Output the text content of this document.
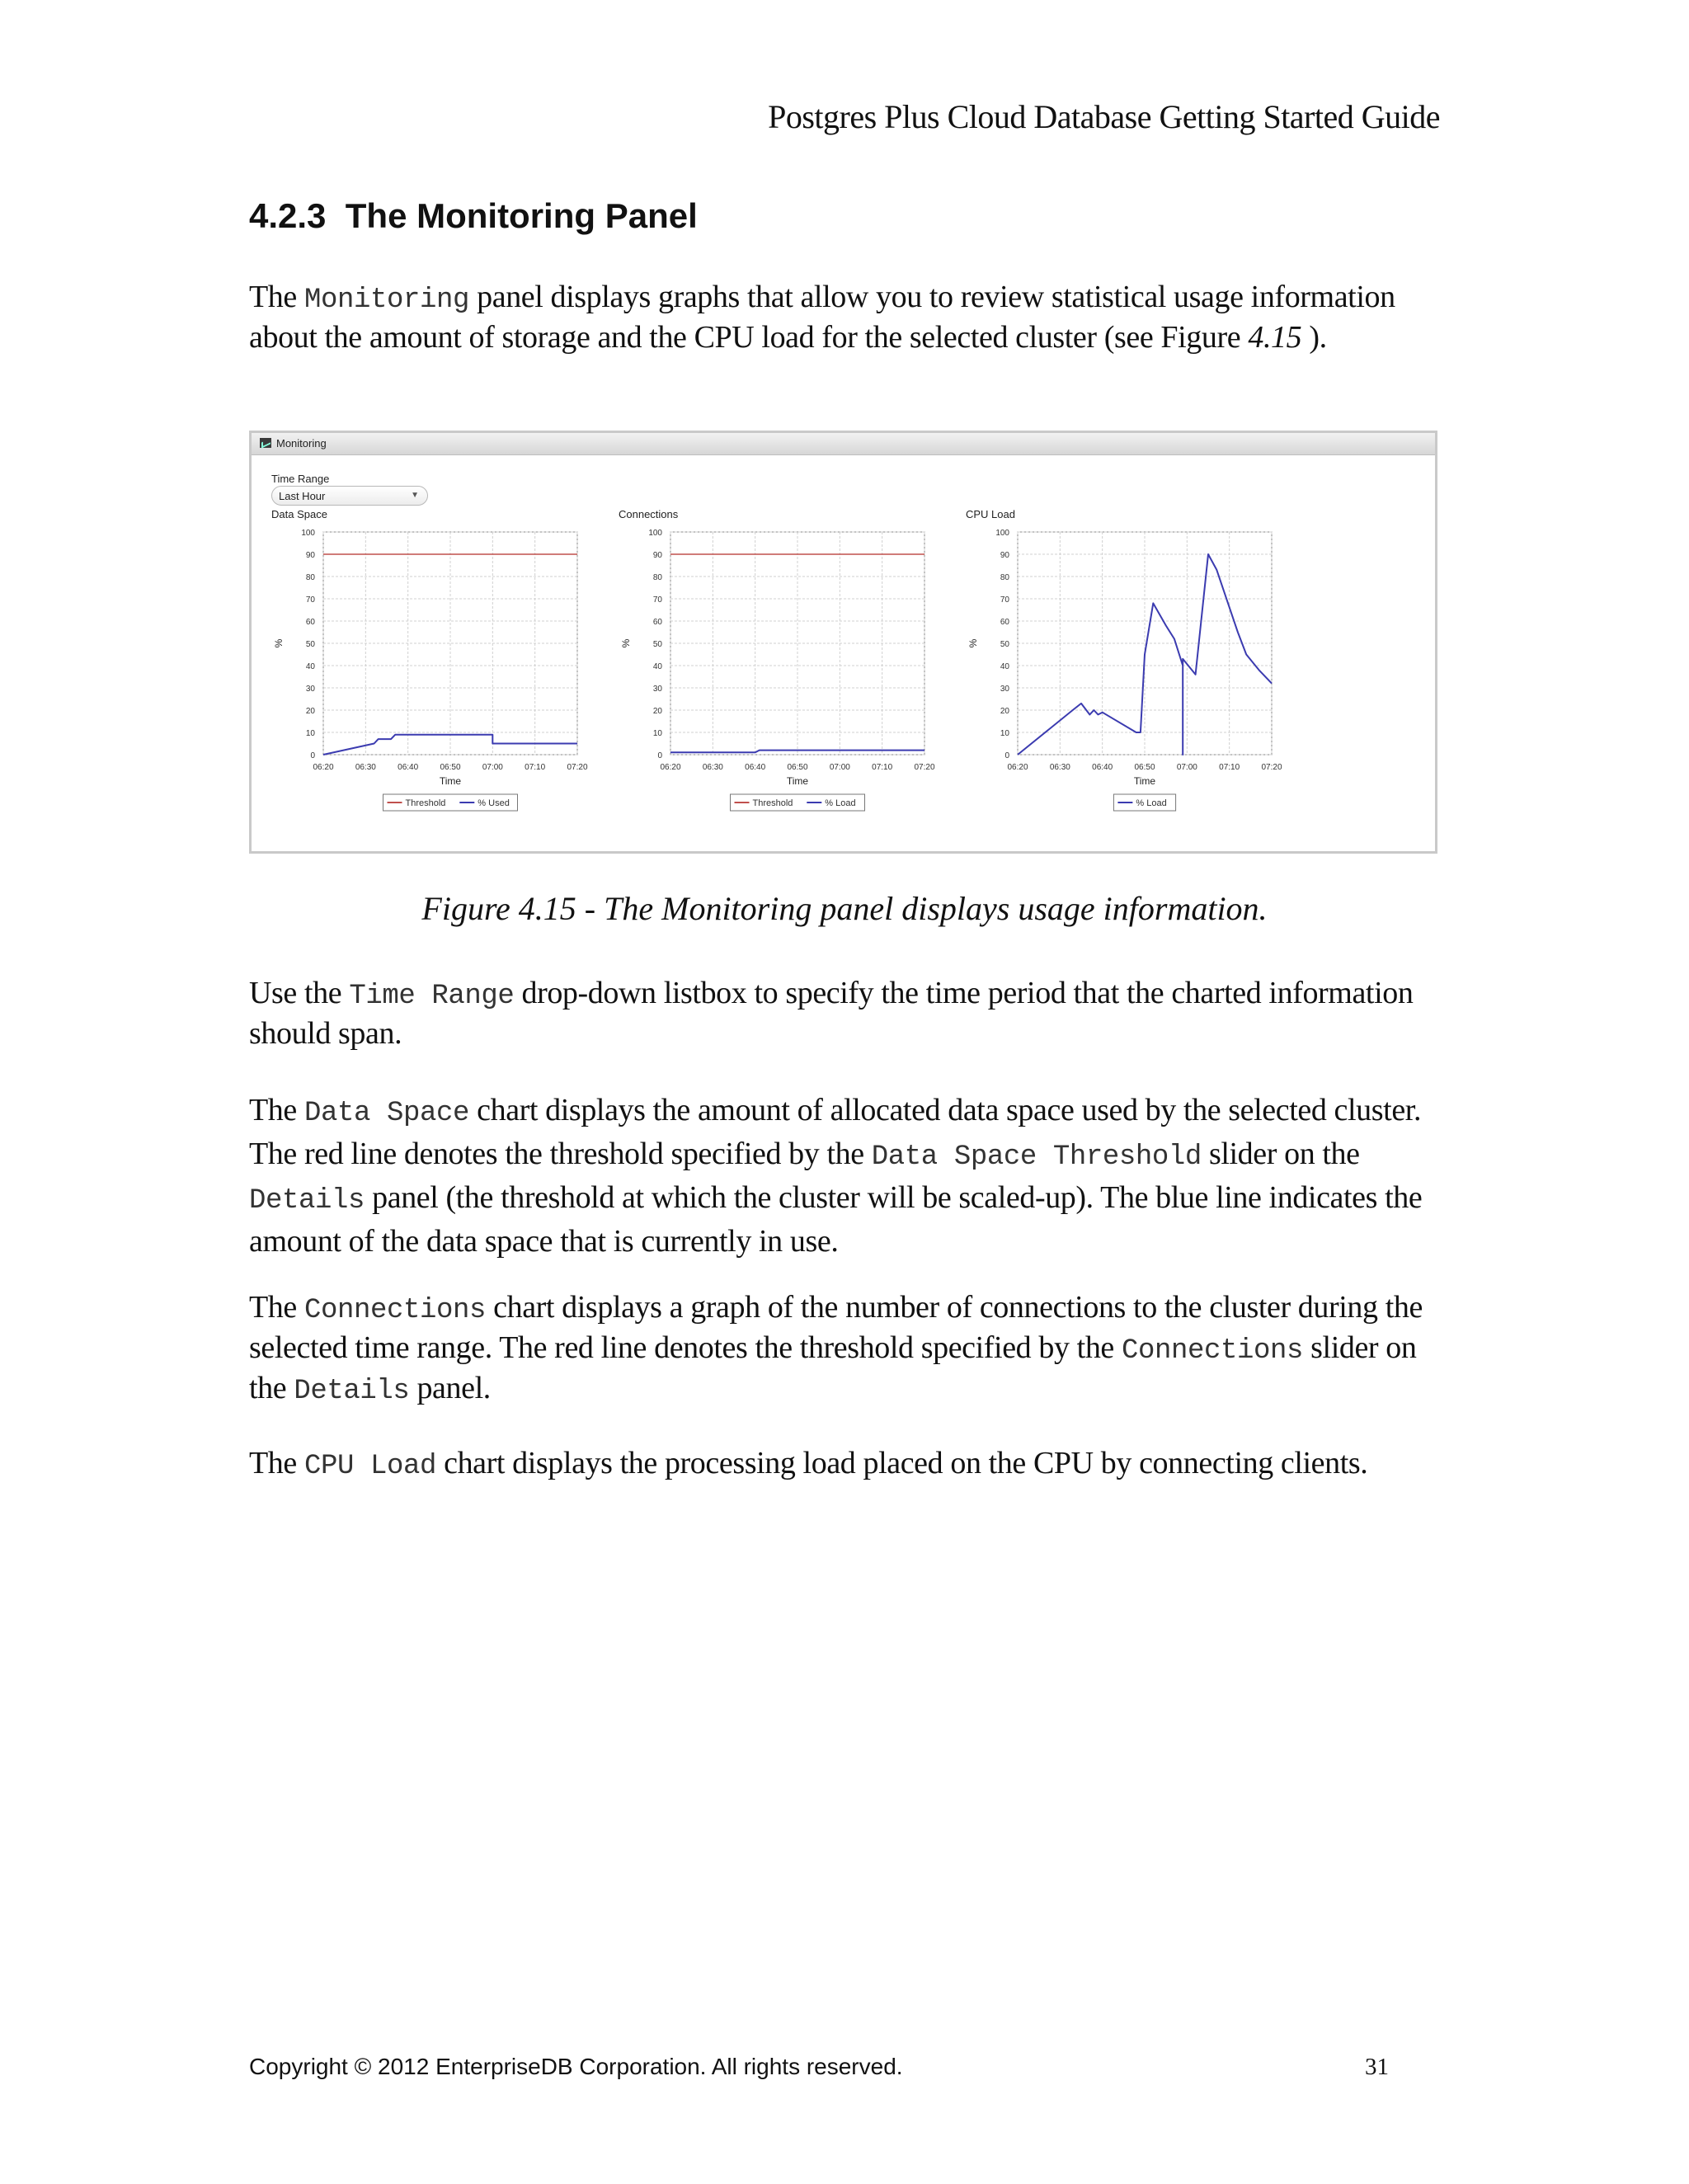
Postgres Plus Cloud Database Getting Started Guide
4.2.3 The Monitoring Panel
The Monitoring panel displays graphs that allow you to review statistical usage information about the amount of storage and the CPU load for the selected cluster (see Figure 4.15 ).
Monitoring
Time Range
Last Hour	▼
Data Space
0
10
20
30
40
50
60
70
80
90
100
06:20	06:30	06:40	06:50	07:00	07:10	07:20
Time
%
Threshold	% Used
Connections
0
10
20
30
40
50
60
70
80
90
100
06:20	06:30	06:40	06:50	07:00	07:10	07:20
Time
%
Threshold	% Load
CPU Load
0
10
20
30
40
50
60
70
80
90
100
06:20	06:30	06:40	06:50	07:00	07:10	07:20
Time
%
% Load
Figure 4.15 - The Monitoring panel displays usage information.
Use the Time Range drop-down listbox to specify the time period that the charted information should span.
The Data Space chart displays the amount of allocated data space used by the selected cluster. The red line denotes the threshold specified by the Data Space Threshold slider on the Details panel (the threshold at which the cluster will be scaled-up). The blue line indicates the amount of the data space that is currently in use.
The Connections chart displays a graph of the number of connections to the cluster during the selected time range. The red line denotes the threshold specified by the Connections slider on the Details panel.
The CPU Load chart displays the processing load placed on the CPU by connecting clients.
Copyright © 2012 EnterpriseDB Corporation. All rights reserved.	31
